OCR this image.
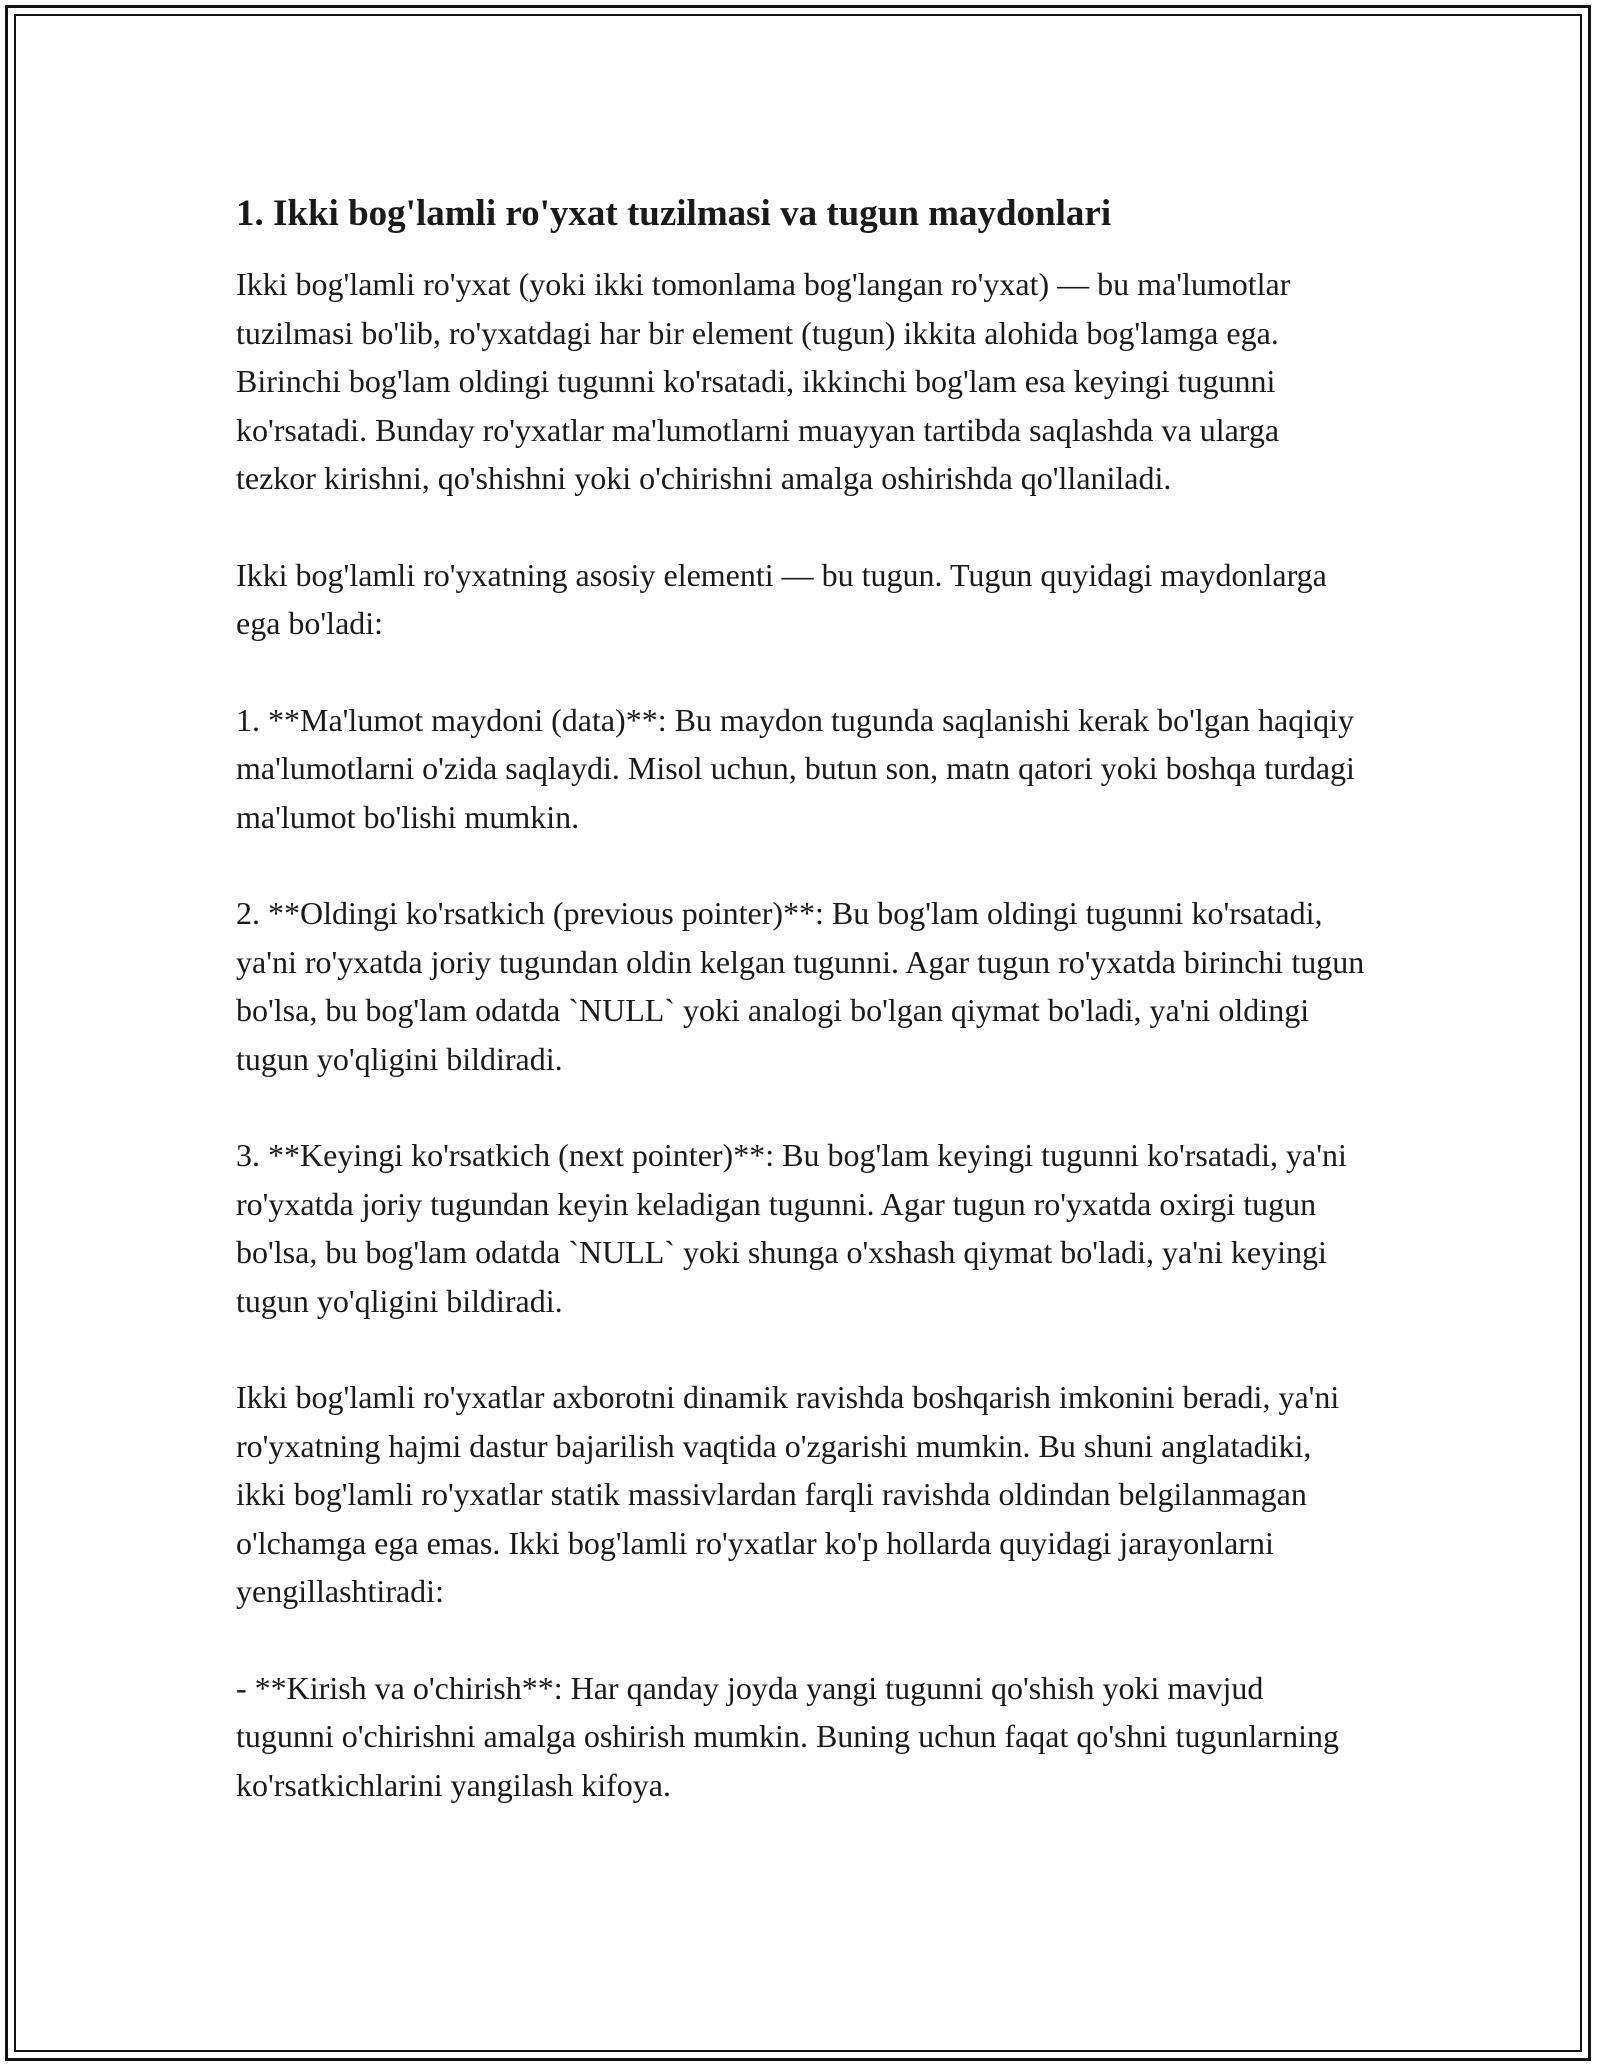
1. Ikki bog'lamli ro'yxat tuzilmasi va tugun maydonlari

Ikki bog'lamli ro'yxat (yoki ikki tomonlama bog'langan ro'yxat) — bu ma'lumotlar tuzilmasi bo'lib, ro'yxatdagi har bir element (tugun) ikkita alohida bog'lamga ega. Birinchi bog'lam oldingi tugunni ko'rsatadi, ikkinchi bog'lam esa keyingi tugunni ko'rsatadi. Bunday ro'yxatlar ma'lumotlarni muayyan tartibda saqlashda va ularga tezkor kirishni, qo'shishni yoki o'chirishni amalga oshirishda qo'llaniladi.

Ikki bog'lamli ro'yxatning asosiy elementi — bu tugun. Tugun quyidagi maydonlarga ega bo'ladi:

1. **Ma'lumot maydoni (data)**: Bu maydon tugunda saqlanishi kerak bo'lgan haqiqiy ma'lumotlarni o'zida saqlaydi. Misol uchun, butun son, matn qatori yoki boshqa turdagi ma'lumot bo'lishi mumkin.

2. **Oldingi ko'rsatkich (previous pointer)**: Bu bog'lam oldingi tugunni ko'rsatadi, ya'ni ro'yxatda joriy tugundan oldin kelgan tugunni. Agar tugun ro'yxatda birinchi tugun bo'lsa, bu bog'lam odatda `NULL` yoki analogi bo'lgan qiymat bo'ladi, ya'ni oldingi tugun yo'qligini bildiradi.

3. **Keyingi ko'rsatkich (next pointer)**: Bu bog'lam keyingi tugunni ko'rsatadi, ya'ni ro'yxatda joriy tugundan keyin keladigan tugunni. Agar tugun ro'yxatda oxirgi tugun bo'lsa, bu bog'lam odatda `NULL` yoki shunga o'xshash qiymat bo'ladi, ya'ni keyingi tugun yo'qligini bildiradi.

Ikki bog'lamli ro'yxatlar axborotni dinamik ravishda boshqarish imkonini beradi, ya'ni ro'yxatning hajmi dastur bajarilish vaqtida o'zgarishi mumkin. Bu shuni anglatadiki, ikki bog'lamli ro'yxatlar statik massivlardan farqli ravishda oldindan belgilanmagan o'lchamga ega emas. Ikki bog'lamli ro'yxatlar ko'p hollarda quyidagi jarayonlarni yengillashtiradi:

- **Kirish va o'chirish**: Har qanday joyda yangi tugunni qo'shish yoki mavjud tugunni o'chirishni amalga oshirish mumkin. Buning uchun faqat qo'shni tugunlarning ko'rsatkichlarini yangilash kifoya.
